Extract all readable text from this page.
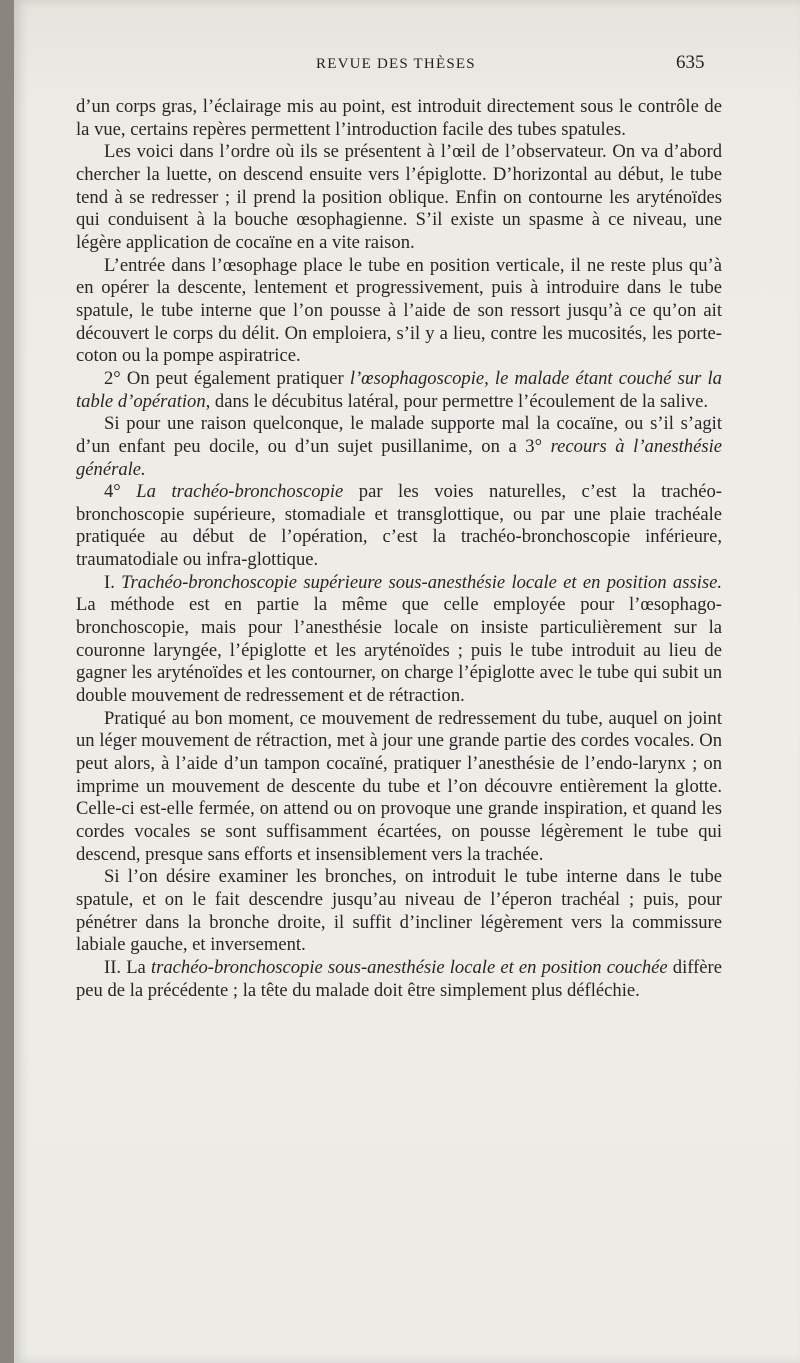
REVUE DES THÈSES	635

d’un corps gras, l’éclairage mis au point, est introduit directement sous le contrôle de la vue, certains repères permettent l’introduction facile des tubes spatules.

Les voici dans l’ordre où ils se présentent à l’œil de l’observateur. On va d’abord chercher la luette, on descend ensuite vers l’épiglotte. D’horizontal au début, le tube tend à se redresser ; il prend la position oblique. Enfin on contourne les aryténoïdes qui conduisent à la bouche œsophagienne. S’il existe un spasme à ce niveau, une légère application de cocaïne en a vite raison.

L’entrée dans l’œsophage place le tube en position verticale, il ne reste plus qu’à en opérer la descente, lentement et progressivement, puis à introduire dans le tube spatule, le tube interne que l’on pousse à l’aide de son ressort jusqu’à ce qu’on ait découvert le corps du délit. On emploiera, s’il y a lieu, contre les mucosités, les porte-coton ou la pompe aspiratrice.

2° On peut également pratiquer l’œsophagoscopie, le malade étant couché sur la table d’opération, dans le décubitus latéral, pour permettre l’écoulement de la salive.

Si pour une raison quelconque, le malade supporte mal la cocaïne, ou s’il s’agit d’un enfant peu docile, ou d’un sujet pusillanime, on a 3° recours à l’anesthésie générale.

4° La trachéo-bronchoscopie par les voies naturelles, c’est la trachéo-bronchoscopie supérieure, stomadiale et transglottique, ou par une plaie trachéale pratiquée au début de l’opération, c’est la trachéo-bronchoscopie inférieure, traumatodiale ou infra-glottique.

I. Trachéo-bronchoscopie supérieure sous-anesthésie locale et en position assise. La méthode est en partie la même que celle employée pour l’œsophago-bronchoscopie, mais pour l’anesthésie locale on insiste particulièrement sur la couronne laryngée, l’épiglotte et les aryténoïdes ; puis le tube introduit au lieu de gagner les aryténoïdes et les contourner, on charge l’épiglotte avec le tube qui subit un double mouvement de redressement et de rétraction.

Pratiqué au bon moment, ce mouvement de redressement du tube, auquel on joint un léger mouvement de rétraction, met à jour une grande partie des cordes vocales. On peut alors, à l’aide d’un tampon cocaïné, pratiquer l’anesthésie de l’endo-larynx ; on imprime un mouvement de descente du tube et l’on découvre entièrement la glotte. Celle-ci est-elle fermée, on attend ou on provoque une grande inspiration, et quand les cordes vocales se sont suffisamment écartées, on pousse légèrement le tube qui descend, presque sans efforts et insensiblement vers la trachée.

Si l’on désire examiner les bronches, on introduit le tube interne dans le tube spatule, et on le fait descendre jusqu’au niveau de l’éperon trachéal ; puis, pour pénétrer dans la bronche droite, il suffit d’incliner légèrement vers la commissure labiale gauche, et inversement.

II. La trachéo-bronchoscopie sous-anesthésie locale et en position couchée diffère peu de la précédente ; la tête du malade doit être simplement plus défléchie.
